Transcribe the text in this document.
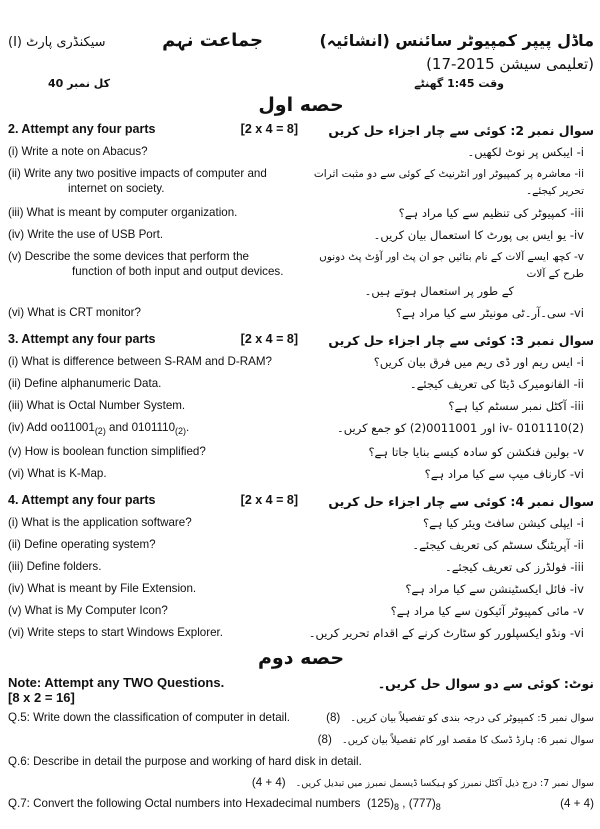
ماڈل پیپر کمپیوٹر سائنس (انشائیہ)
جماعت نہم
سیکنڈری پارٹ (I)
(تعلیمی سیشن 2015-17)
وقت 1:45 گھنٹے
کل نمبر 40
حصه اول
2. Attempt any four parts	[2 x 4 = 8]	سوال نمبر 2: کوئی سے چار اجزاء حل کریں
(i) Write a note on Abacus?	i- ایبکس پر نوٹ لکھیں۔
(ii) Write any two positive impacts of computer and
internet on society.
ii- معاشرہ پر کمپیوٹر اور انٹرنیٹ کے کوئی سے دو مثبت اثرات تحریر کیجئے۔
(iii) What is meant by computer organization.	iii- کمپیوٹر کی تنظیم سے کیا مراد ہے؟
(iv) Write the use of USB Port.	iv- یو ایس بی پورٹ کا استعمال بیان کریں۔
(v) Describe the some devices that perform the
function of both input and output devices.
v- کچھ ایسے آلات کے نام بتائیں جو ان پٹ اور آؤٹ پٹ دونوں طرح کے آلات
کے طور پر استعمال ہوتے ہیں۔
(vi) What is CRT monitor?	vi- سی۔آر۔ٹی مونیٹر سے کیا مراد ہے؟
3. Attempt any four parts	[2 x 4 = 8]	سوال نمبر 3: کوئی سے چار اجزاء حل کریں
(i) What is difference between S-RAM and D-RAM?	i- ایس ریم اور ڈی ریم میں فرق بیان کریں؟
(ii) Define alphanumeric Data.	ii- الفانومیرک ڈیٹا کی تعریف کیجئے۔
(iii) What is Octal Number System.	iii- آکٹل نمبر سسٹم کیا ہے؟
(iv) Add $oo11001_{(2)}$ and $0101110_{(2)}$.	iv- 0101110(2) اور 0011001(2) کو جمع کریں۔
(v) How is boolean function simplified?	v- بولین فنکشن کو سادہ کیسے بنایا جاتا ہے؟
(vi) What is K-Map.	vi- کارناف میپ سے کیا مراد ہے؟
4. Attempt any four parts	[2 x 4 = 8]	سوال نمبر 4: کوئی سے چار اجزاء حل کریں
(i) What is the application software?	i- ایپلی کیشن سافٹ ویئر کیا ہے؟
(ii) Define operating system?	ii- آپریٹنگ سسٹم کی تعریف کیجئے۔
(iii) Define folders.	iii- فولڈرز کی تعریف کیجئے۔
(iv) What is meant by File Extension.	iv- فائل ایکسٹینشن سے کیا مراد ہے؟
(v) What is My Computer Icon?	v- مائی کمپیوٹر آئیکون سے کیا مراد ہے؟
(vi) Write steps to start Windows Explorer.	vi- ونڈو ایکسپلورر کو سٹارٹ کرنے کے اقدام تحریر کریں۔
حصه دوم
Note: Attempt any TWO Questions.
[8 x 2 = 16]
نوٹ: کوئی سے دو سوال حل کریں۔
Q.5: Write down the classification of computer in detail.	سوال نمبر 5: کمپیوٹر کی درجہ بندی کو تفصیلاً بیان کریں۔
(8)
سوال نمبر 6: ہارڈ ڈسک کا مقصد اور کام تفصیلاً بیان کریں۔
(8)
Q.6: Describe in detail the purpose and working of hard disk in detail.
سوال نمبر 7: درج ذیل آکٹل نمبرز کو ہیکسا ڈیسمل نمبرز میں تبدیل کریں۔
(4 + 4)
Q.7: Convert the following Octal numbers into Hexadecimal numbers $(125)_8$ , $(777)_8$	(4 + 4)
